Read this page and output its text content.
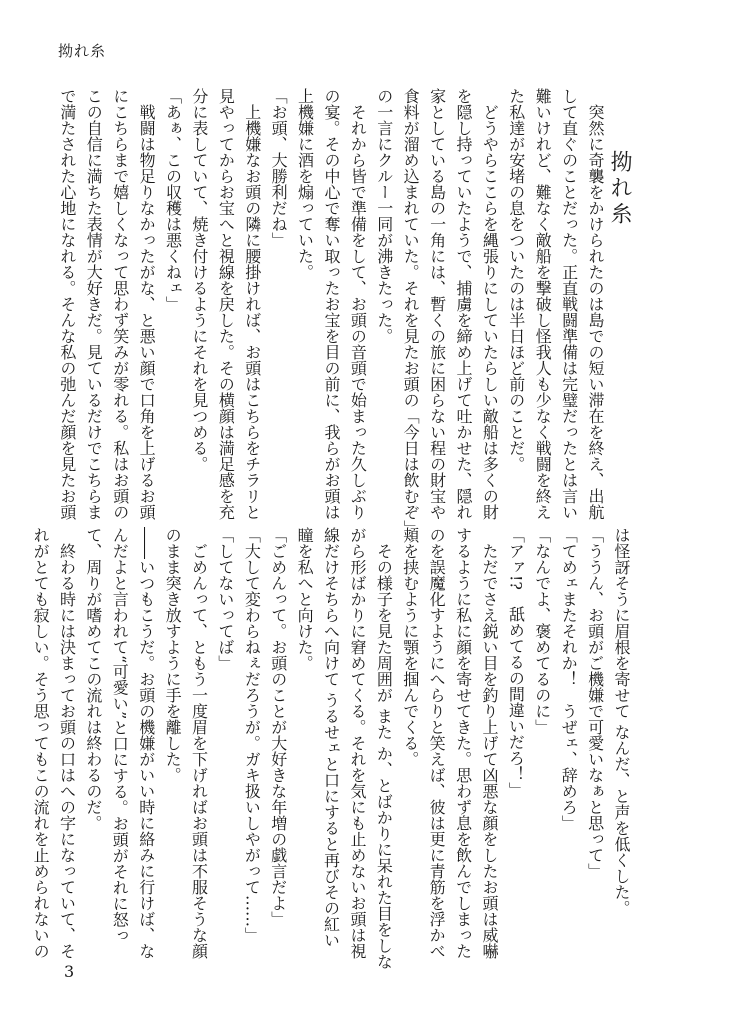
拗れ糸
拗れ糸
　突然に奇襲をかけられたのは島での短い滞在を終え、出航
して直ぐのことだった。正直戦闘準備は完璧だったとは言い
難いけれど、難なく敵船を撃破し怪我人も少なく戦闘を終え
た私達が安堵の息をついたのは半日ほど前のことだ。
　どうやらここらを縄張りにしていたらしい敵船は多くの財
を隠し持っていたようで、捕虜を締め上げて吐かせた、隠れ
家としている島の一角には、暫くの旅に困らない程の財宝や
食料が溜め込まれていた。それを見たお頭の「今日は飲むぞ」
の一言にクルー一同が沸きたった。
　それから皆で準備をして、お頭の音頭で始まった久しぶり
の宴。その中心で奪い取ったお宝を目の前に、我らがお頭は
上機嫌に酒を煽っていた。
「お頭、大勝利だね」
　上機嫌なお頭の隣に腰掛ければ、お頭はこちらをチラリと
見やってからお宝へと視線を戻した。その横顔は満足感を充
分に表していて、焼き付けるようにそれを見つめる。
「あぁ、この収穫は悪くねェ」
　戦闘は物足りなかったがな、と悪い顔で口角を上げるお頭
にこちらまで嬉しくなって思わず笑みが零れる。私はお頭の
この自信に満ちた表情が大好きだ。見ているだけでこちらま
で満たされた心地になれる。そんな私の弛んだ顔を見たお頭
は怪訝そうに眉根を寄せて なんだ、と声を低くした。
「ううん、お頭がご機嫌で可愛いなぁと思って」
「てめェまたそれか！　うぜェ、辞めろ」
「なんでよ、褒めてるのに」
「アァ!?　舐めてるの間違いだろ！」
　ただでさえ鋭い目を釣り上げて凶悪な顔をしたお頭は威嚇
するように私に顔を寄せてきた。思わず息を飲んでしまった
のを誤魔化すようにへらりと笑えば、彼は更に青筋を浮かべ
頬を挟むように顎を掴んでくる。
　その様子を見た周囲が また か、とばかりに呆れた目をしな
がら形ばかりに窘めてくる。それを気にも止めないお頭は視
線だけそちらへ向けて うるせェと口にすると再びその紅い
瞳を私へと向けた。
「ごめんって。お頭のことが大好きな年増の戯言だよ」
「大して変わらねぇだろうが。ガキ扱いしやがって……」
「してないってば」
　ごめんって、ともう一度眉を下げればお頭は不服そうな顔
のまま突き放すように手を離した。
――いつもこうだ。お頭の機嫌がいい時に絡みに行けば、な
んだよと言われて“可愛い”と口にする。お頭がそれに怒っ
て、周りが嗜めてこの流れは終わるのだ。
　終わる時には決まってお頭の口はへの字になっていて、そ
れがとても寂しい。そう思ってもこの流れを止められないの
3
